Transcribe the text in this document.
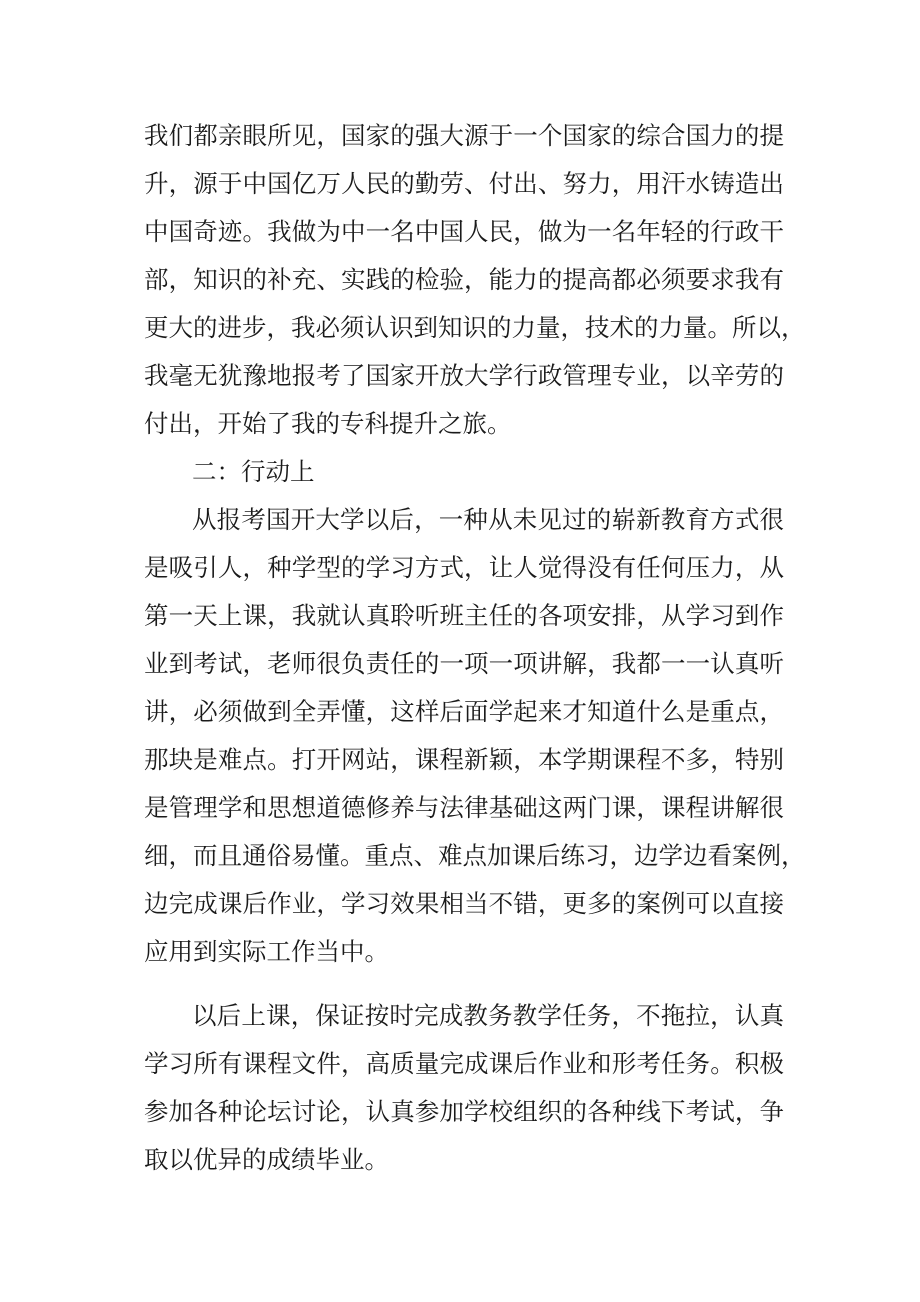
我们都亲眼所见，国家的强大源于一个国家的综合国力的提
升，源于中国亿万人民的勤劳、付出、努力，用汗水铸造出
中国奇迹。我做为中一名中国人民，做为一名年轻的行政干
部，知识的补充、实践的检验，能力的提高都必须要求我有
更大的进步，我必须认识到知识的力量，技术的力量。所以，
我毫无犹豫地报考了国家开放大学行政管理专业，以辛劳的
付出，开始了我的专科提升之旅。
二：行动上
从报考国开大学以后，一种从未见过的崭新教育方式很
是吸引人，种学型的学习方式，让人觉得没有任何压力，从
第一天上课，我就认真聆听班主任的各项安排，从学习到作
业到考试，老师很负责任的一项一项讲解，我都一一认真听
讲，必须做到全弄懂，这样后面学起来才知道什么是重点，
那块是难点。打开网站，课程新颖，本学期课程不多，特别
是管理学和思想道德修养与法律基础这两门课，课程讲解很
细，而且通俗易懂。重点、难点加课后练习，边学边看案例，
边完成课后作业，学习效果相当不错，更多的案例可以直接
应用到实际工作当中。
以后上课，保证按时完成教务教学任务，不拖拉，认真
学习所有课程文件，高质量完成课后作业和形考任务。积极
参加各种论坛讨论，认真参加学校组织的各种线下考试，争
取以优异的成绩毕业。
